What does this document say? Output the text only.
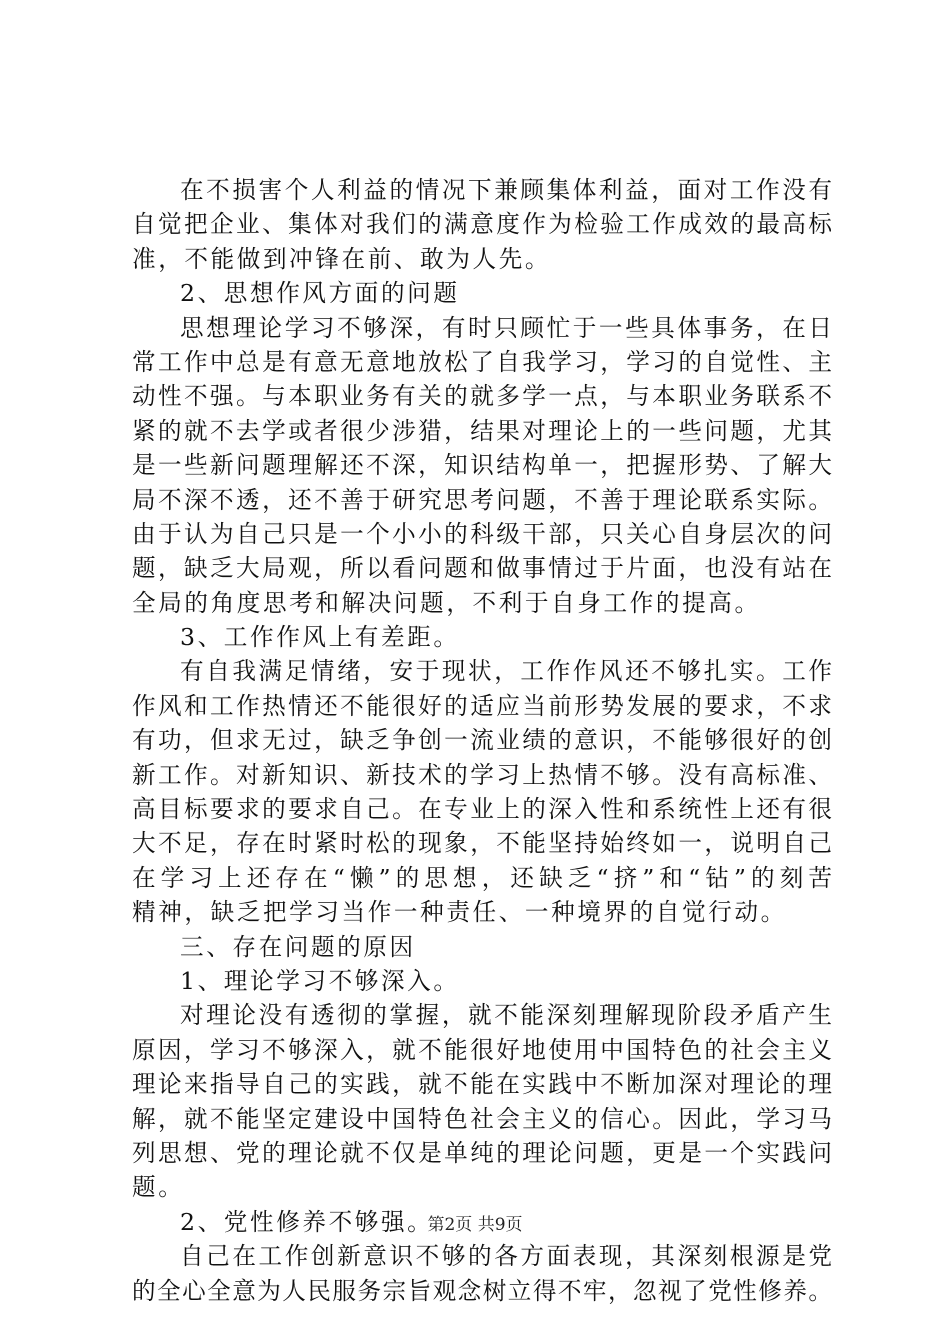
在不损害个人利益的情况下兼顾集体利益，面对工作没有
自觉把企业、集体对我们的满意度作为检验工作成效的最高标
准，不能做到冲锋在前、敢为人先。
2、思想作风方面的问题
思想理论学习不够深，有时只顾忙于一些具体事务，在日
常工作中总是有意无意地放松了自我学习，学习的自觉性、主
动性不强。与本职业务有关的就多学一点，与本职业务联系不
紧的就不去学或者很少涉猎，结果对理论上的一些问题，尤其
是一些新问题理解还不深，知识结构单一，把握形势、了解大
局不深不透，还不善于研究思考问题，不善于理论联系实际。
由于认为自己只是一个小小的科级干部，只关心自身层次的问
题，缺乏大局观，所以看问题和做事情过于片面，也没有站在
全局的角度思考和解决问题，不利于自身工作的提高。
3、工作作风上有差距。
有自我满足情绪，安于现状，工作作风还不够扎实。工作
作风和工作热情还不能很好的适应当前形势发展的要求，不求
有功，但求无过，缺乏争创一流业绩的意识，不能够很好的创
新工作。对新知识、新技术的学习上热情不够。没有高标准、
高目标要求的要求自己。在专业上的深入性和系统性上还有很
大不足，存在时紧时松的现象，不能坚持始终如一，说明自己
在学习上还存在“懒”的思想，还缺乏“挤”和“钻”的刻苦
精神，缺乏把学习当作一种责任、一种境界的自觉行动。
三、存在问题的原因
1、理论学习不够深入。
对理论没有透彻的掌握，就不能深刻理解现阶段矛盾产生
原因，学习不够深入，就不能很好地使用中国特色的社会主义
理论来指导自己的实践，就不能在实践中不断加深对理论的理
解，就不能坚定建设中国特色社会主义的信心。因此，学习马
列思想、党的理论就不仅是单纯的理论问题，更是一个实践问
题。
2、党性修养不够强。
自己在工作创新意识不够的各方面表现，其深刻根源是党
的全心全意为人民服务宗旨观念树立得不牢，忽视了党性修养。
第2页 共9页
